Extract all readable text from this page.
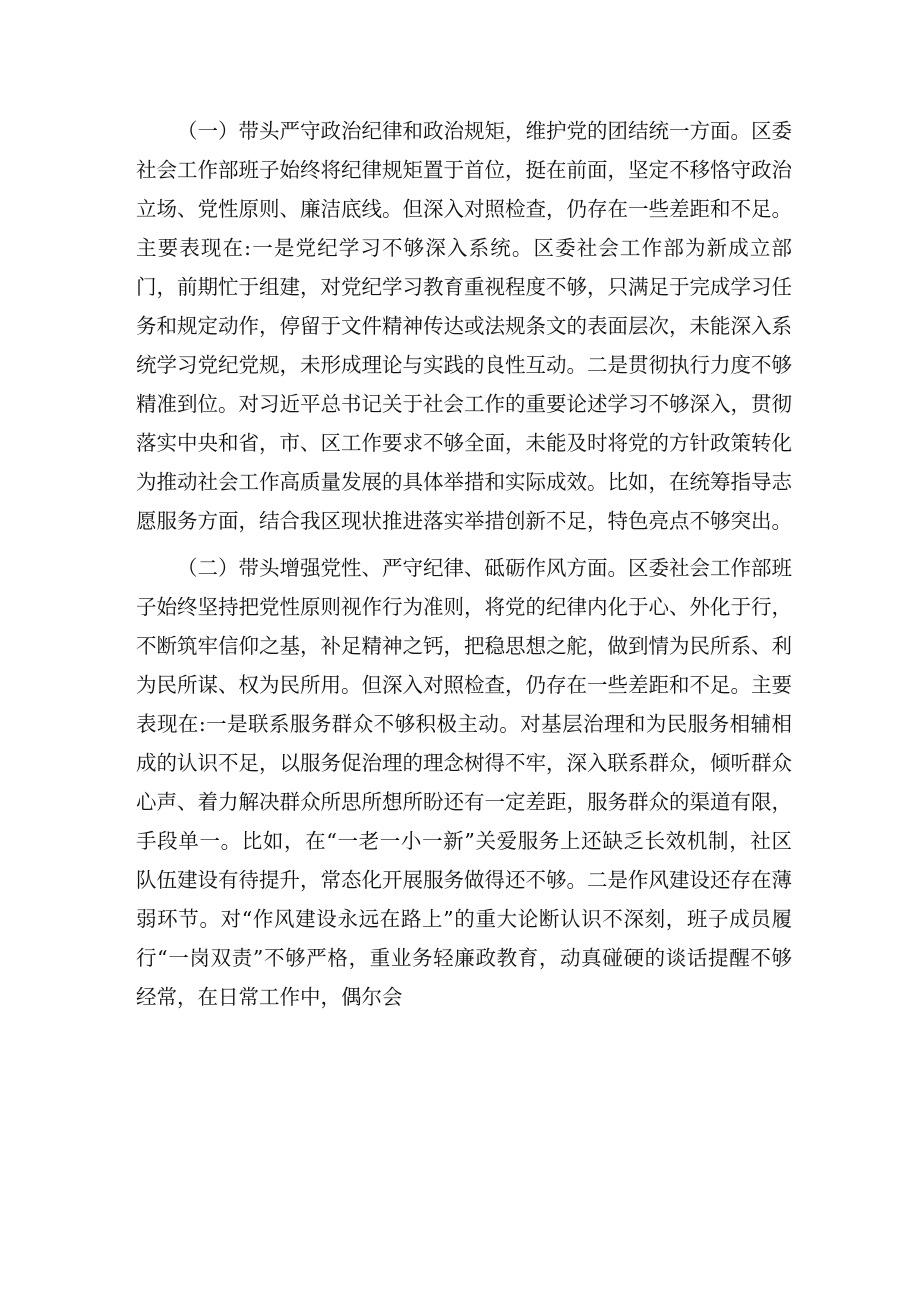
（一）带头严守政治纪律和政治规矩，维护党的团结统一方面。区委社会工作部班子始终将纪律规矩置于首位，挺在前面，坚定不移恪守政治立场、党性原则、廉洁底线。但深入对照检查，仍存在一些差距和不足。主要表现在:一是党纪学习不够深入系统。区委社会工作部为新成立部门，前期忙于组建，对党纪学习教育重视程度不够，只满足于完成学习任务和规定动作，停留于文件精神传达或法规条文的表面层次，未能深入系统学习党纪党规，未形成理论与实践的良性互动。二是贯彻执行力度不够精准到位。对习近平总书记关于社会工作的重要论述学习不够深入，贯彻落实中央和省，市、区工作要求不够全面，未能及时将党的方针政策转化为推动社会工作高质量发展的具体举措和实际成效。比如，在统筹指导志愿服务方面，结合我区现状推进落实举措创新不足，特色亮点不够突出。

（二）带头增强党性、严守纪律、砥砺作风方面。区委社会工作部班子始终坚持把党性原则视作行为准则，将党的纪律内化于心、外化于行，不断筑牢信仰之基，补足精神之钙，把稳思想之舵，做到情为民所系、利为民所谋、权为民所用。但深入对照检查，仍存在一些差距和不足。主要表现在:一是联系服务群众不够积极主动。对基层治理和为民服务相辅相成的认识不足，以服务促治理的理念树得不牢，深入联系群众，倾听群众心声、着力解决群众所思所想所盼还有一定差距，服务群众的渠道有限，手段单一。比如，在“一老一小一新”关爱服务上还缺乏长效机制，社区队伍建设有待提升，常态化开展服务做得还不够。二是作风建设还存在薄弱环节。对“作风建设永远在路上”的重大论断认识不深刻，班子成员履行“一岗双责”不够严格，重业务轻廉政教育，动真碰硬的谈话提醒不够经常，在日常工作中，偶尔会
